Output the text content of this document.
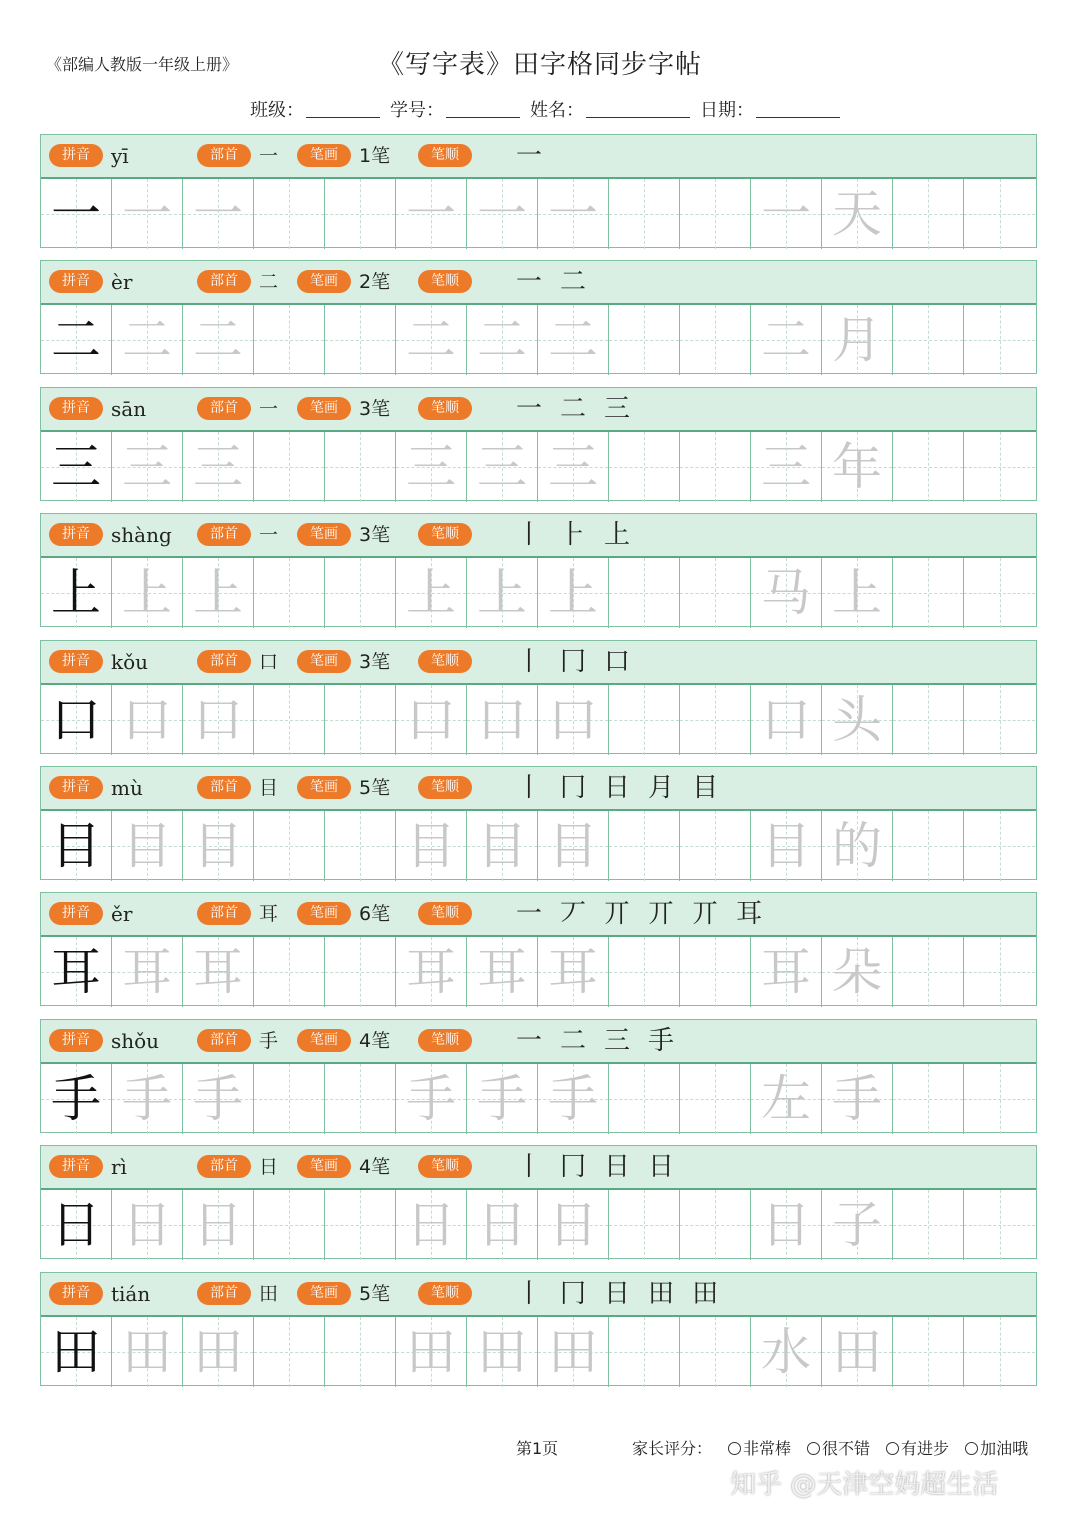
《部编人教版一年级上册》	《写字表》田字格同步字帖
班级：	学号：	姓名：	日期：
拼音	部首	笔画	笔顺
yī	一	1笔	一
一 一 一	一 一 一	一 天
拼音	部首	笔画	笔顺
èr	二	2笔	一二
二 二 二	二 二 二	二 月
拼音	部首	笔画	笔顺
sān	一	3笔	一二三
三 三 三	三 三 三	三 年
拼音	部首	笔画	笔顺
shàng	一	3笔	丨⺊上
上 上 上	上 上 上	马 上
拼音	部首	笔画	笔顺
kǒu	口	3笔	丨冂口
口 口 口	口 口 口	口 头
拼音	部首	笔画	笔顺
mù	目	5笔	丨冂日月目
目 目 目	目 目 目	目 的
拼音	部首	笔画	笔顺
ěr	耳	6笔	一丆丌丌丌耳
耳 耳 耳	耳 耳 耳	耳 朵
拼音	部首	笔画	笔顺
shǒu	手	4笔	一二三手
手 手 手	手 手 手	左 手
拼音	部首	笔画	笔顺
rì	日	4笔	丨冂日日
日 日 日	日 日 日	日 子
拼音	部首	笔画	笔顺
tián	田	5笔	丨冂日田田
田 田 田	田 田 田	水 田
第1页	家长评分： 非常棒 很不错 有进步 加油哦
知乎 @天津空妈超生活
